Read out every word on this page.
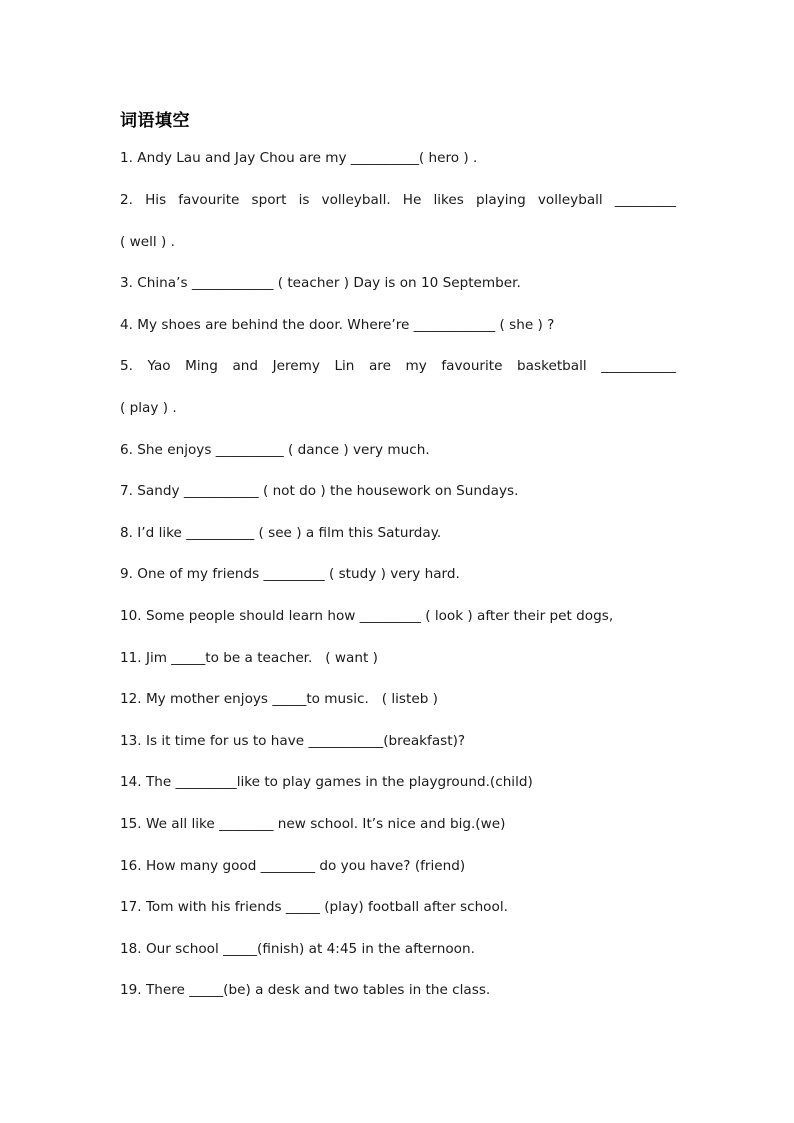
词语填空
1. Andy Lau and Jay Chou are my __________( hero ) .
2. His favourite sport is volleyball. He likes playing volleyball _________
( well ) .
3. China’s ____________ ( teacher ) Day is on 10 September.
4. My shoes are behind the door. Where’re ____________ ( she ) ?
5. Yao Ming and Jeremy Lin are my favourite basketball ___________
( play ) .
6. She enjoys __________ ( dance ) very much.
7. Sandy ___________ ( not do ) the housework on Sundays.
8. I’d like __________ ( see ) a film this Saturday.
9. One of my friends _________ ( study ) very hard.
10. Some people should learn how _________ ( look ) after their pet dogs,
11. Jim _____to be a teacher.   ( want )
12. My mother enjoys _____to music.   ( listeb )
13. Is it time for us to have ___________(breakfast)?
14. The _________like to play games in the playground.(child)
15. We all like ________ new school. It’s nice and big.(we)
16. How many good ________ do you have? (friend)
17. Tom with his friends _____ (play) football after school.
18. Our school _____(finish) at 4:45 in the afternoon.
19. There _____(be) a desk and two tables in the class.
